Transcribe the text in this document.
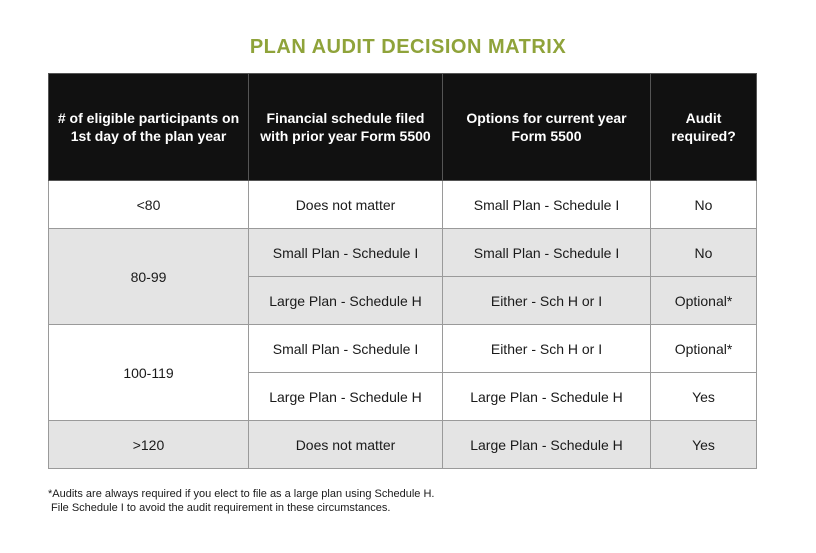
PLAN AUDIT DECISION MATRIX
# of eligible participants on 1st day of the plan year	Financial schedule filed with prior year Form 5500	Options for current year Form 5500	Audit required?
<80	Does not matter	Small Plan - Schedule I	No
80-99	Small Plan - Schedule I	Small Plan - Schedule I	No
	Large Plan - Schedule H	Either - Sch H or I	Optional*
100-119	Small Plan - Schedule I	Either - Sch H or I	Optional*
	Large Plan - Schedule H	Large Plan - Schedule H	Yes
>120	Does not matter	Large Plan - Schedule H	Yes
*Audits are always required if you elect to file as a large plan using Schedule H.
File Schedule I to avoid the audit requirement in these circumstances.
